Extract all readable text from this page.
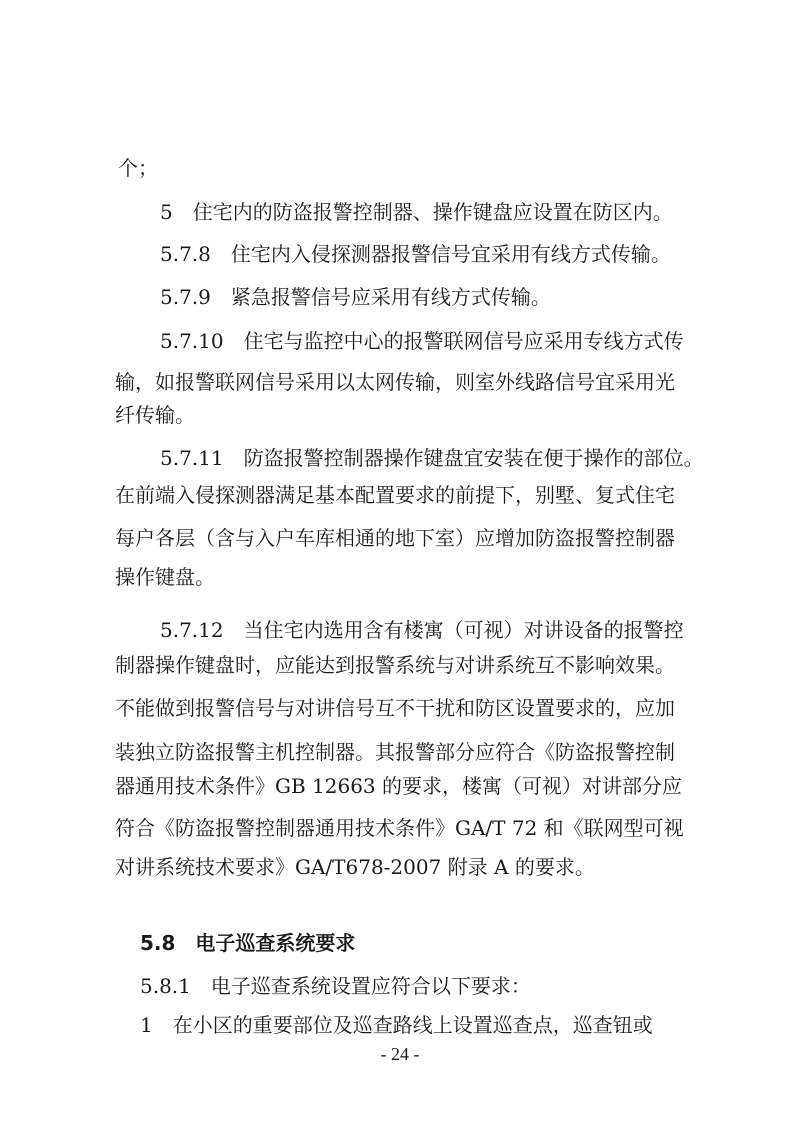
个；
5　住宅内的防盗报警控制器、操作键盘应设置在防区内。
5.7.8　住宅内入侵探测器报警信号宜采用有线方式传输。
5.7.9　紧急报警信号应采用有线方式传输。
5.7.10　住宅与监控中心的报警联网信号应采用专线方式传
输，如报警联网信号采用以太网传输，则室外线路信号宜采用光
纤传输。
5.7.11　防盗报警控制器操作键盘宜安装在便于操作的部位。
在前端入侵探测器满足基本配置要求的前提下，别墅、复式住宅
每户各层（含与入户车库相通的地下室）应增加防盗报警控制器
操作键盘。
5.7.12　当住宅内选用含有楼寓（可视）对讲设备的报警控
制器操作键盘时，应能达到报警系统与对讲系统互不影响效果。
不能做到报警信号与对讲信号互不干扰和防区设置要求的，应加
装独立防盗报警主机控制器。其报警部分应符合《防盗报警控制
器通用技术条件》GB 12663 的要求，楼寓（可视）对讲部分应
符合《防盗报警控制器通用技术条件》GA/T 72 和《联网型可视
对讲系统技术要求》GA/T678-2007 附录 A 的要求。
5.8　电子巡查系统要求
5.8.1　电子巡查系统设置应符合以下要求：
1　在小区的重要部位及巡查路线上设置巡查点，巡查钮或
- 24 -
